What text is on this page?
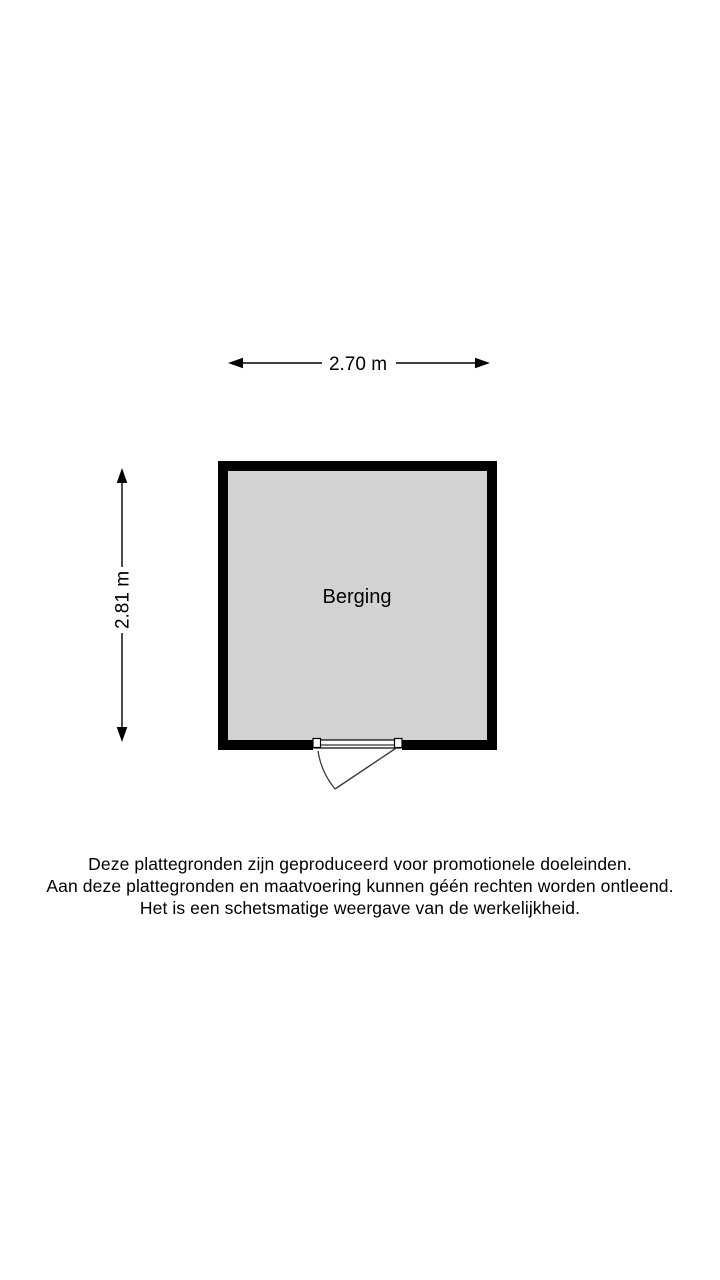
2.70 m
2.81 m	Berging
Deze plattegronden zijn geproduceerd voor promotionele doeleinden.
Aan deze plattegronden en maatvoering kunnen géén rechten worden ontleend.
Het is een schetsmatige weergave van de werkelijkheid.
